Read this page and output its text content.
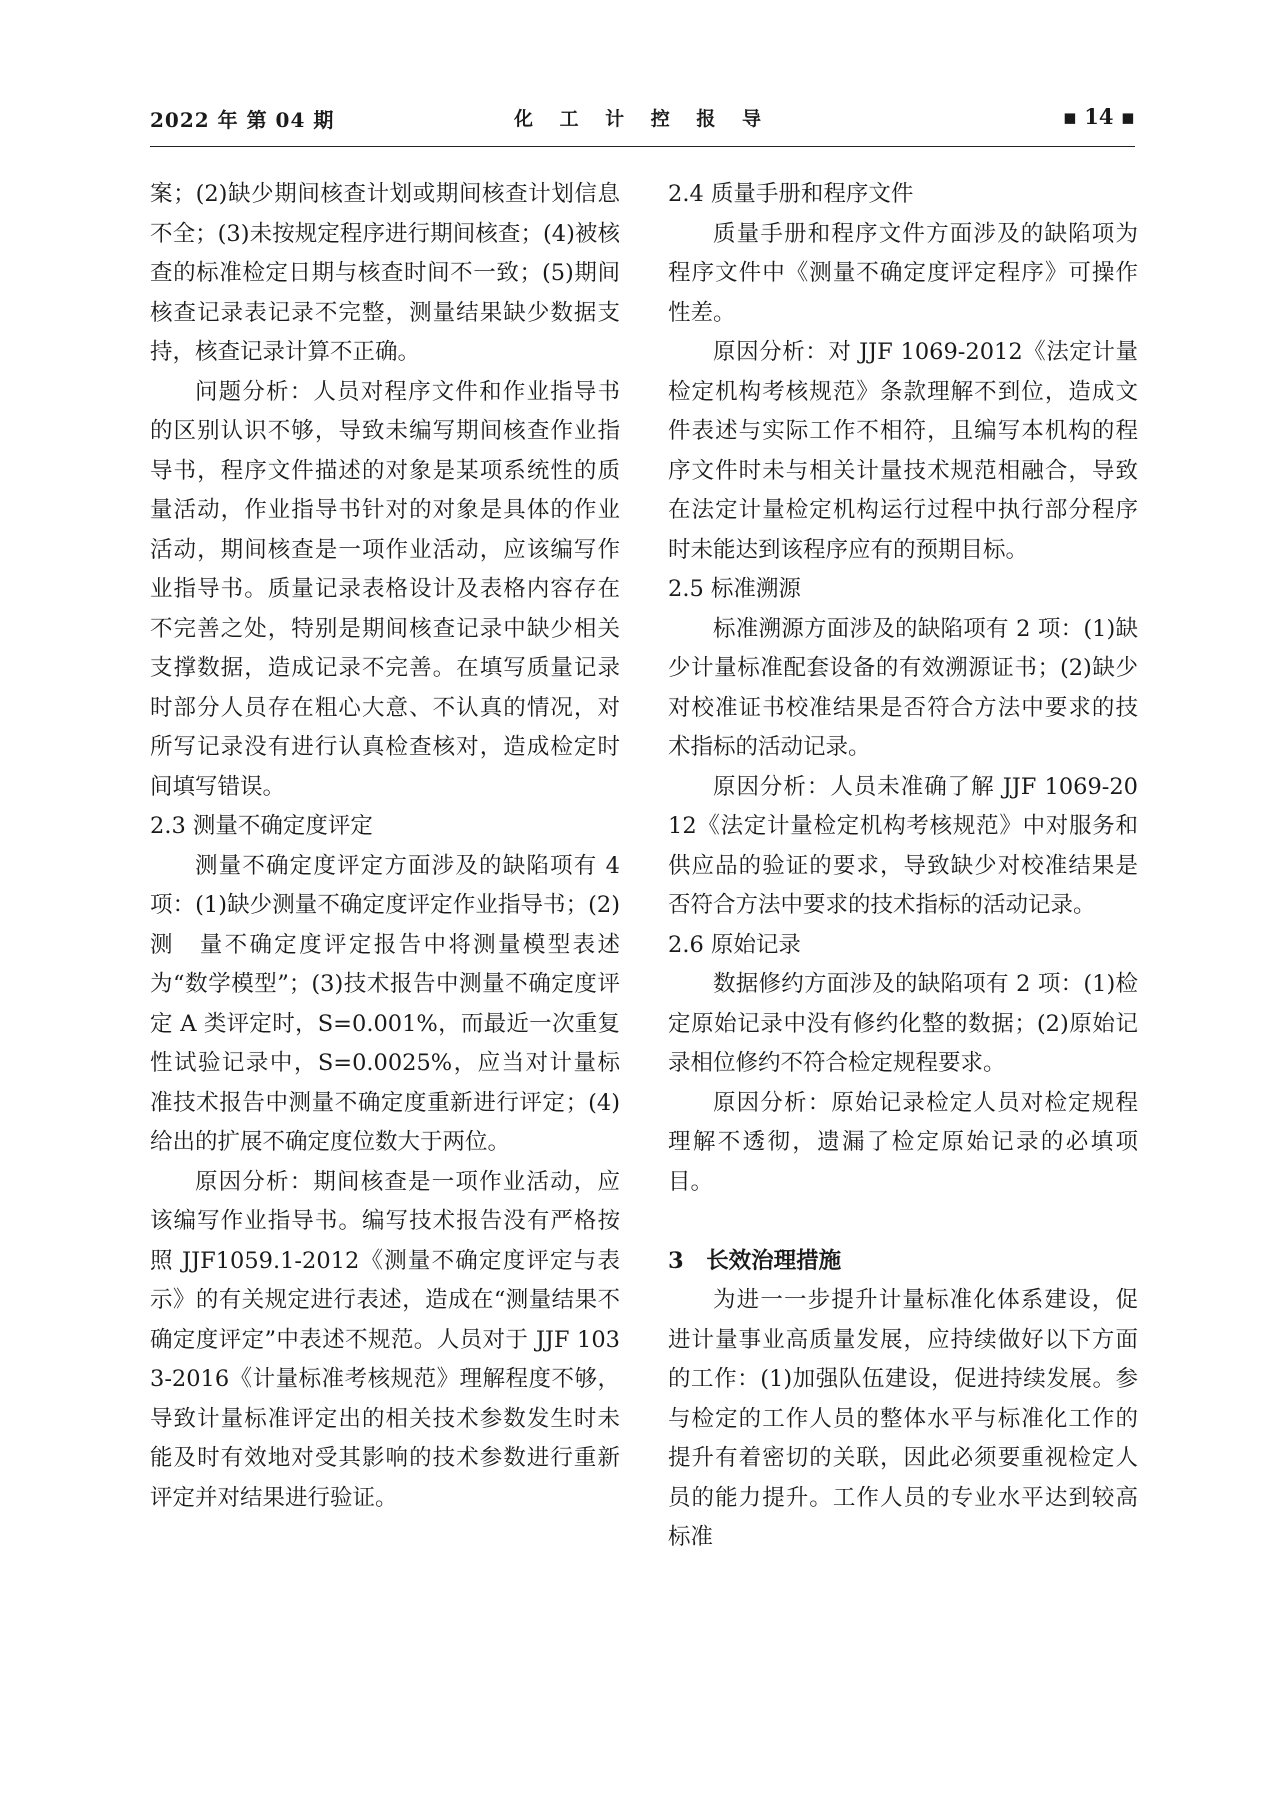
2022 年 第 04 期	化 工 计 控 报 导	▪ 14 ▪

案；(2)缺少期间核查计划或期间核查计划信息不全；(3)未按规定程序进行期间核查；(4)被核查的标准检定日期与核查时间不一致；(5)期间核查记录表记录不完整，测量结果缺少数据支持，核查记录计算不正确。

问题分析：人员对程序文件和作业指导书的区别认识不够，导致未编写期间核查作业指导书，程序文件描述的对象是某项系统性的质量活动，作业指导书针对的对象是具体的作业活动，期间核查是一项作业活动，应该编写作业指导书。质量记录表格设计及表格内容存在不完善之处，特别是期间核查记录中缺少相关支撑数据，造成记录不完善。在填写质量记录时部分人员存在粗心大意、不认真的情况，对所写记录没有进行认真检查核对，造成检定时间填写错误。

2.3 测量不确定度评定

测量不确定度评定方面涉及的缺陷项有 4 项：(1)缺少测量不确定度评定作业指导书；(2)测　量不确定度评定报告中将测量模型表述为“数学模型”；(3)技术报告中测量不确定度评定 A 类评定时，S=0.001%，而最近一次重复性试验记录中，S=0.0025%，应当对计量标准技术报告中测量不确定度重新进行评定；(4)给出的扩展不确定度位数大于两位。

原因分析：期间核查是一项作业活动，应该编写作业指导书。编写技术报告没有严格按照 JJF1059.1-2012《测量不确定度评定与表示》的有关规定进行表述，造成在“测量结果不确定度评定”中表述不规范。人员对于 JJF 1033-2016《计量标准考核规范》理解程度不够，导致计量标准评定出的相关技术参数发生时未能及时有效地对受其影响的技术参数进行重新评定并对结果进行验证。

2.4 质量手册和程序文件

质量手册和程序文件方面涉及的缺陷项为程序文件中《测量不确定度评定程序》可操作性差。

原因分析：对 JJF 1069-2012《法定计量检定机构考核规范》条款理解不到位，造成文件表述与实际工作不相符，且编写本机构的程序文件时未与相关计量技术规范相融合，导致在法定计量检定机构运行过程中执行部分程序时未能达到该程序应有的预期目标。

2.5 标准溯源

标准溯源方面涉及的缺陷项有 2 项：(1)缺少计量标准配套设备的有效溯源证书；(2)缺少对校准证书校准结果是否符合方法中要求的技术指标的活动记录。

原因分析：人员未准确了解 JJF 1069-2012《法定计量检定机构考核规范》中对服务和供应品的验证的要求，导致缺少对校准结果是否符合方法中要求的技术指标的活动记录。

2.6 原始记录

数据修约方面涉及的缺陷项有 2 项：(1)检定原始记录中没有修约化整的数据；(2)原始记录相位修约不符合检定规程要求。

原因分析：原始记录检定人员对检定规程理解不透彻，遗漏了检定原始记录的必填项目。

3　长效治理措施

为进一一步提升计量标准化体系建设，促进计量事业高质量发展，应持续做好以下方面的工作：(1)加强队伍建设，促进持续发展。参与检定的工作人员的整体水平与标准化工作的提升有着密切的关联，因此必须要重视检定人员的能力提升。工作人员的专业水平达到较高标准
